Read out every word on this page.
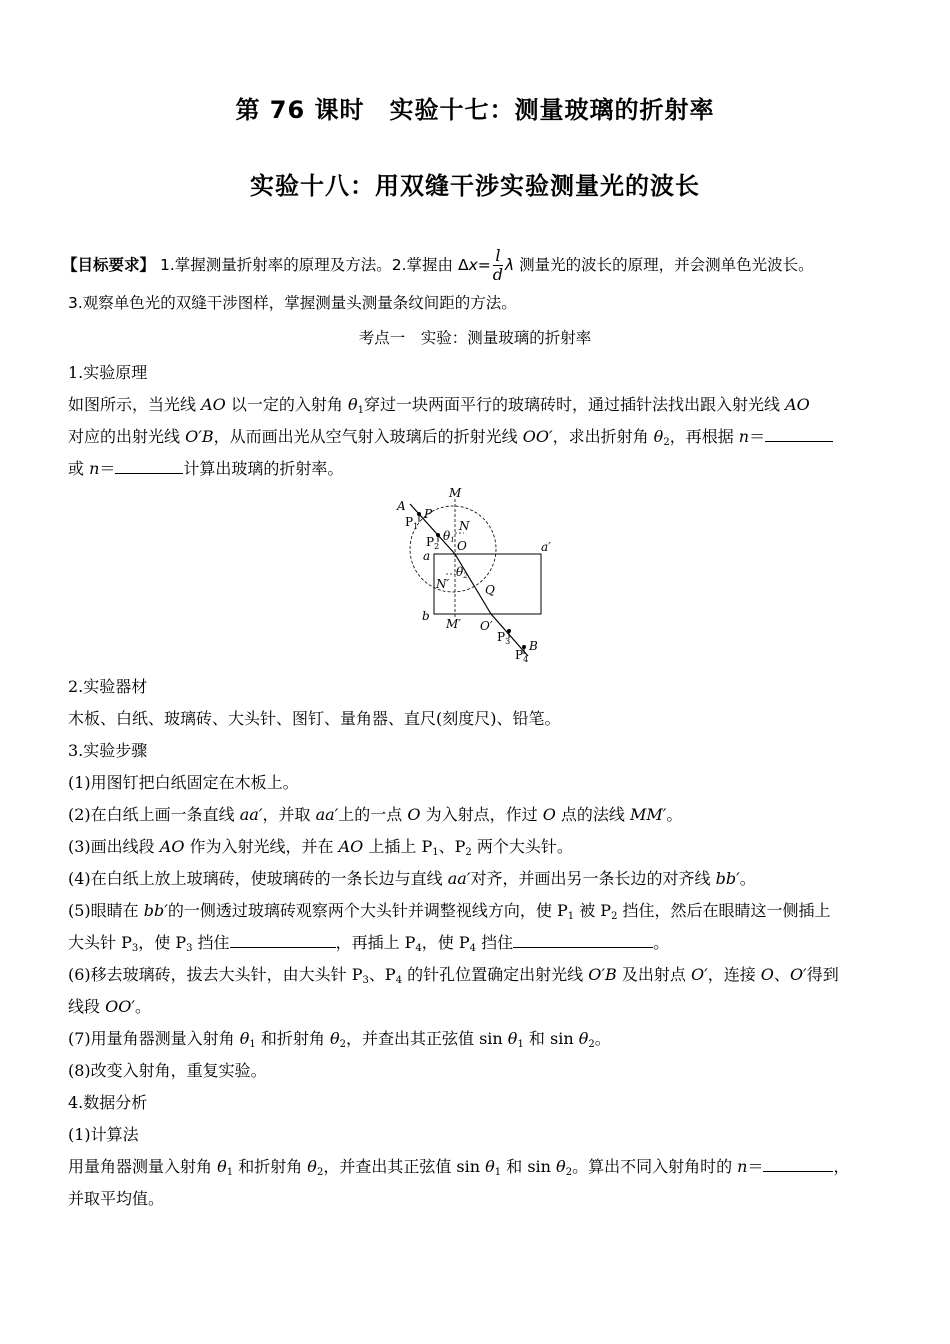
第 76 课时　实验十七：测量玻璃的折射率
实验十八：用双缝干涉实验测量光的波长
【目标要求】 1.掌握测量折射率的原理及方法。2.掌握由 $\Delta x= \frac{l}{d}$ λ 测量光的波长的原理，并会测单色光波长。
3.观察单色光的双缝干涉图样，掌握测量头测量条纹间距的方法。
考点一　实验：测量玻璃的折射率
1.实验原理
如图所示，当光线 AO 以一定的入射角 $\theta_1$穿过一块两面平行的玻璃砖时，通过插针法找出跟入射光线 AO
对应的出射光线 O′B，从而画出光从空气射入玻璃后的折射光线 OO′，求出折射角 $\theta_2$，再根据 n＝
或 n＝	计算出玻璃的折射率。
A
P
M
$P_1$	N
θ1
$P_2$ O
a
a′
N′
θ2
Q
b
M′ O′
$P_3$ B
$P_4$
2.实验器材
木板、白纸、玻璃砖、大头针、图钉、量角器、直尺(刻度尺)、铅笔。
3.实验步骤
(1)用图钉把白纸固定在木板上。
(2)在白纸上画一条直线 aa′，并取 aa′上的一点 O 为入射点，作过 O 点的法线 MM′。
(3)画出线段 AO 作为入射光线，并在 AO 上插上 $P_1$、$P_2$ 两个大头针。
(4)在白纸上放上玻璃砖，使玻璃砖的一条长边与直线 aa′对齐，并画出另一条长边的对齐线 bb′。
(5)眼睛在 bb′的一侧透过玻璃砖观察两个大头针并调整视线方向，使 $P_1$ 被 $P_2$ 挡住，然后在眼睛这一侧插上
大头针 $P_3$，使 $P_3$ 挡住	，再插上 $P_4$，使 $P_4$ 挡住	。
(6)移去玻璃砖，拔去大头针，由大头针 $P_3$、$P_4$ 的针孔位置确定出射光线 O′B 及出射点 O′，连接 O、O′得到
线段 OO′。
(7)用量角器测量入射角 $\theta_1$ 和折射角 $\theta_2$，并查出其正弦值 $\sin \theta_1$ 和 $\sin \theta_2$。
(8)改变入射角，重复实验。
4.数据分析
(1)计算法
用量角器测量入射角 $\theta_1$ 和折射角 $\theta_2$，并查出其正弦值 $\sin \theta_1$ 和 $\sin \theta_2$。算出不同入射角时的 n＝	，
并取平均值。
